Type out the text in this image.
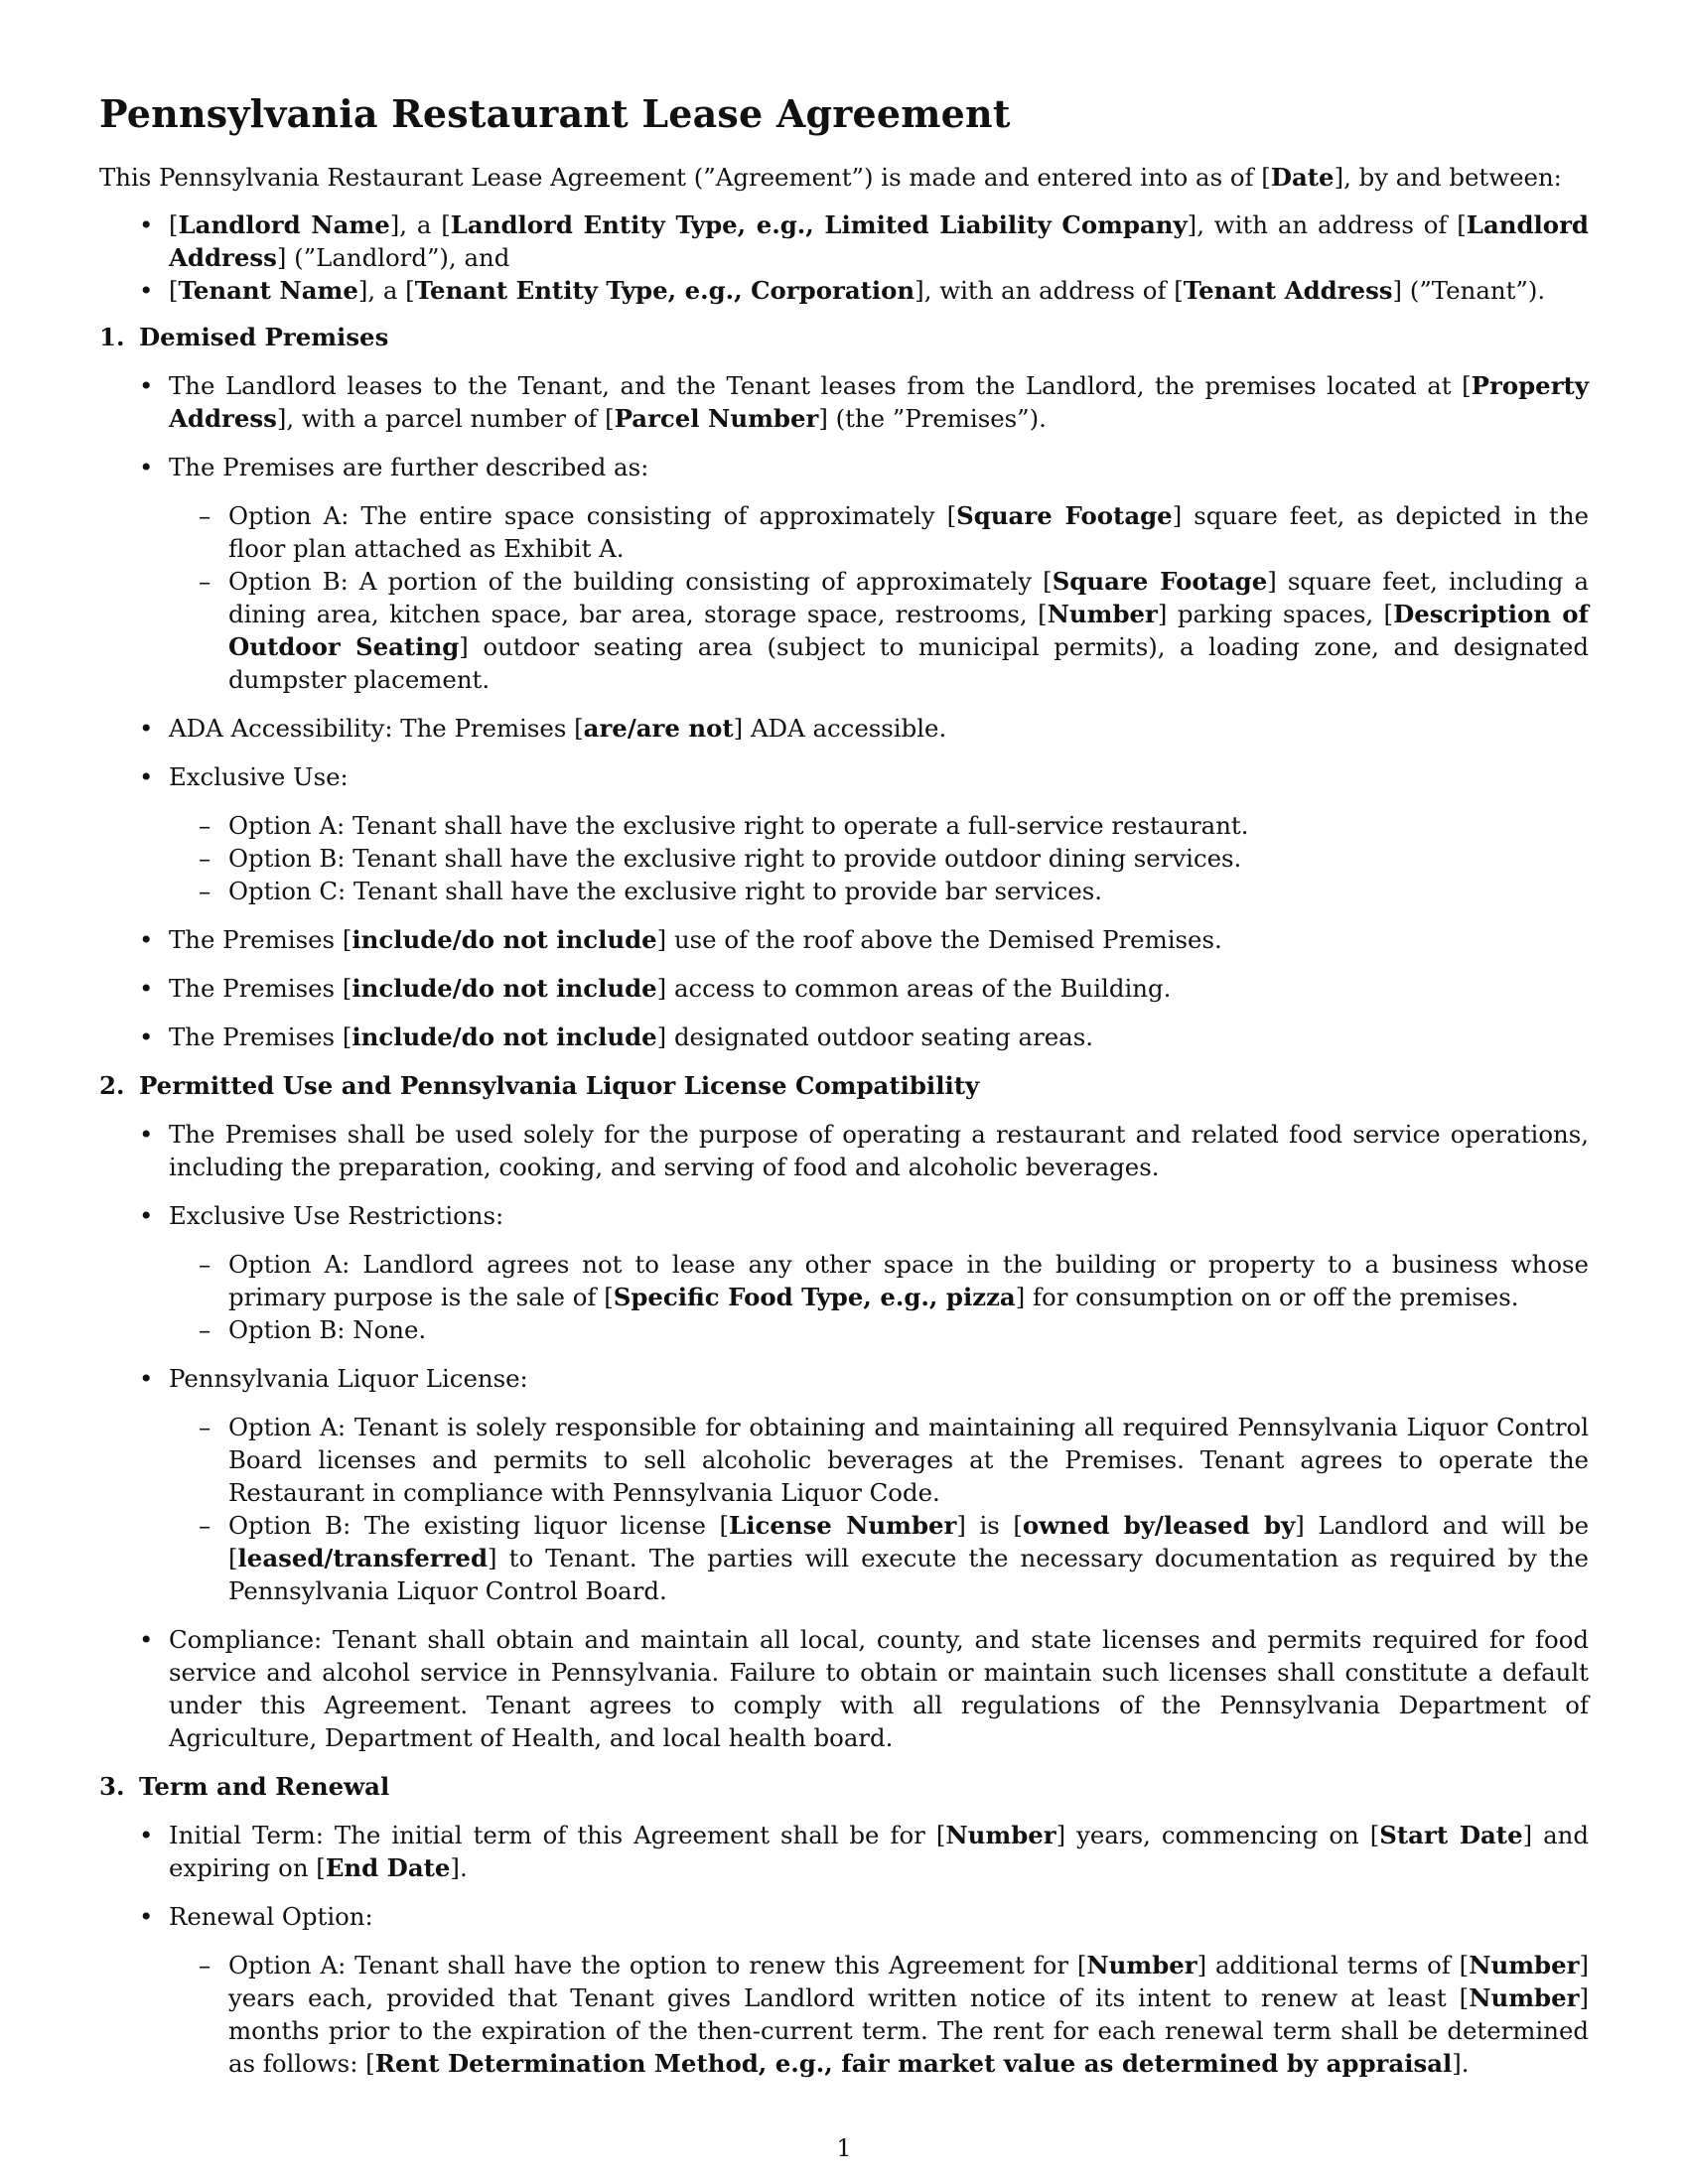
Pennsylvania Restaurant Lease Agreement

This Pennsylvania Restaurant Lease Agreement (”Agreement”) is made and entered into as of [Date], by and between:

• [Landlord Name], a [Landlord Entity Type, e.g., Limited Liability Company], with an address of [Landlord Address] (”Landlord”), and
• [Tenant Name], a [Tenant Entity Type, e.g., Corporation], with an address of [Tenant Address] (”Tenant”).
1. Demised Premises
• The Landlord leases to the Tenant, and the Tenant leases from the Landlord, the premises located at [Property Address], with a parcel number of [Parcel Number] (the ”Premises”).
• The Premises are further described as:
– Option A: The entire space consisting of approximately [Square Footage] square feet, as depicted in the floor plan attached as Exhibit A.
– Option B: A portion of the building consisting of approximately [Square Footage] square feet, including a dining area, kitchen space, bar area, storage space, restrooms, [Number] parking spaces, [Description of Outdoor Seating] outdoor seating area (subject to municipal permits), a loading zone, and designated dumpster placement.
• ADA Accessibility: The Premises [are/are not] ADA accessible.
• Exclusive Use:
– Option A: Tenant shall have the exclusive right to operate a full-service restaurant.
– Option B: Tenant shall have the exclusive right to provide outdoor dining services.
– Option C: Tenant shall have the exclusive right to provide bar services.
• The Premises [include/do not include] use of the roof above the Demised Premises.
• The Premises [include/do not include] access to common areas of the Building.
• The Premises [include/do not include] designated outdoor seating areas.
2. Permitted Use and Pennsylvania Liquor License Compatibility
• The Premises shall be used solely for the purpose of operating a restaurant and related food service operations, including the preparation, cooking, and serving of food and alcoholic beverages.
• Exclusive Use Restrictions:
– Option A: Landlord agrees not to lease any other space in the building or property to a business whose primary purpose is the sale of [Specific Food Type, e.g., pizza] for consumption on or off the premises.
– Option B: None.
• Pennsylvania Liquor License:
– Option A: Tenant is solely responsible for obtaining and maintaining all required Pennsylvania Liquor Control Board licenses and permits to sell alcoholic beverages at the Premises. Tenant agrees to operate the Restaurant in compliance with Pennsylvania Liquor Code.
– Option B: The existing liquor license [License Number] is [owned by/leased by] Landlord and will be [leased/transferred] to Tenant. The parties will execute the necessary documentation as required by the Pennsylvania Liquor Control Board.
• Compliance: Tenant shall obtain and maintain all local, county, and state licenses and permits required for food service and alcohol service in Pennsylvania. Failure to obtain or maintain such licenses shall constitute a default under this Agreement. Tenant agrees to comply with all regulations of the Pennsylvania Department of Agriculture, Department of Health, and local health board.
3. Term and Renewal
• Initial Term: The initial term of this Agreement shall be for [Number] years, commencing on [Start Date] and expiring on [End Date].
• Renewal Option:
– Option A: Tenant shall have the option to renew this Agreement for [Number] additional terms of [Number] years each, provided that Tenant gives Landlord written notice of its intent to renew at least [Number] months prior to the expiration of the then-current term. The rent for each renewal term shall be determined as follows: [Rent Determination Method, e.g., fair market value as determined by appraisal].
1
